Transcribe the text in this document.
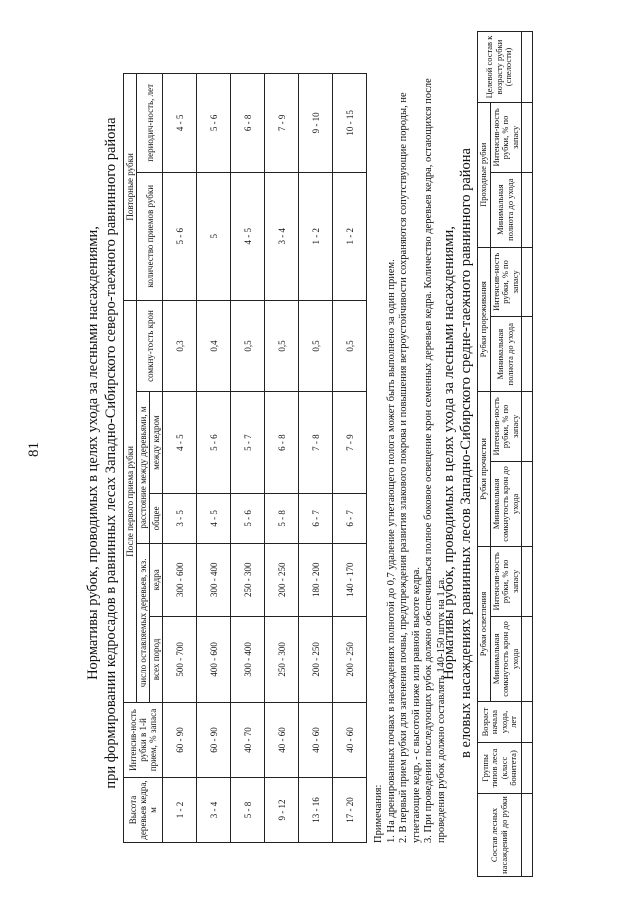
81	Нормативы рубок, проводимых в целях ухода за лесными насаждениями, при формировании кедросадов в равнинных лесах Западно-Сибирского северо-таежного равнинного района
Высота деревьев кедра, м	Интенсив-ность рубки в 1-й прием, % запаса	После первого приема рубки					Повторные рубки	
		число оставляемых деревьев, экз.		расстояние между деревьями, м		сомкну-тость крон	количество приемов рубки	периодич-ность, лет
		всех пород	кедра	общее	между кедром			
1 - 2	60 - 90	500 - 700	300 - 600	3 - 5	4 - 5	0,3	5 - 6	4 - 5
3 - 4	60 - 90	400 - 600	300 - 400	4 - 5	5 - 6	0,4	5	5 - 6
5 - 8	40 - 70	300 - 400	250 - 300	5 - 6	5 - 7	0,5	4 - 5	6 - 8
9 - 12	40 - 60	250 - 300	200 - 250	5 - 8	6 - 8	0,5	3 - 4	7 - 9
13 - 16	40 - 60	200 - 250	180 - 200	6 - 7	7 - 8	0,5	1 - 2	9 - 10
17 - 20	40 - 60	200 - 250	140 - 170	6 - 7	7 - 9	0,5	1 - 2	10 - 15

Примечания: 1. На дренированных почвах в насаждениях полнотой до 0,7 удаление угнетающего полога может быть выполнено за один прием. 2. В первый прием рубки для затенения почвы, предупреждения развития злакового покрова и повышения ветроустойчивости сохраняются сопутствующие породы, не угнетающие кедр, - с высотой ниже или равной высоте кедра. 3. При проведении последующих рубок должно обеспечиваться полное боковое освещение крон семенных деревьев кедра. Количество деревьев кедра, остающихся после проведения рубок должно составлять 140-150 штук на 1 га.

Нормативы рубок, проводимых в целях ухода за лесными насаждениями, в еловых насаждениях равнинных лесов Западно-Сибирского средне-таежного равнинного района
Состав лесных насаждений до рубки	Группы типов леса (класс бонитета)	Возраст начала ухода, лет	Рубки осветления		Рубки прочистки		Рубки прореживания		Проходные рубки		Целевой состав к возрасту рубки (спелости)
			Минимальная сомкнутость крон до ухода	Интенсив-ность рубки, % по запасу	Минимальная сомкнутость крон до ухода	Интенсив-ность рубки, % по запасу	Минимальная полнота до ухода	Интенсив-ность рубки, % по запасу	Минимальная полнота до ухода	Интенсив-ность рубки, % по запасу	
